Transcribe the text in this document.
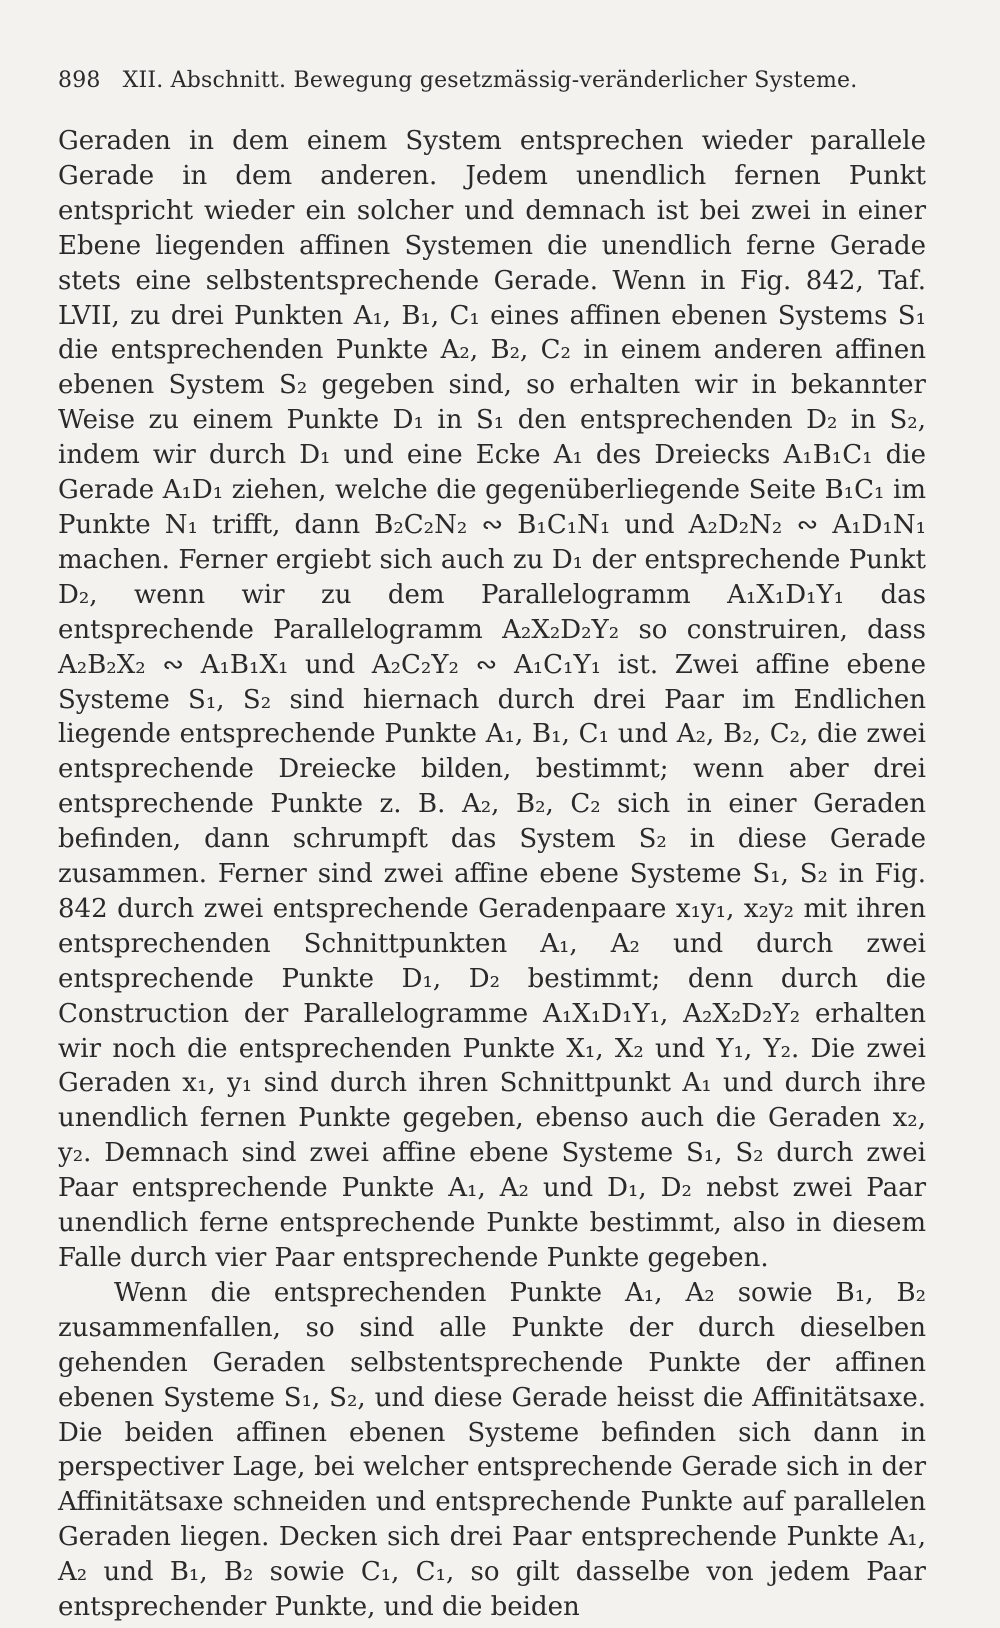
898 XII. Abschnitt. Bewegung gesetzmässig-veränderlicher Systeme.

Geraden in dem einem System entsprechen wieder parallele Gerade in dem anderen. Jedem unendlich fernen Punkt entspricht wieder ein solcher und demnach ist bei zwei in einer Ebene liegenden affinen Systemen die unendlich ferne Gerade stets eine selbstentsprechende Gerade. Wenn in Fig. 842, Taf. LVII, zu drei Punkten A₁, B₁, C₁ eines affinen ebenen Systems S₁ die entsprechenden Punkte A₂, B₂, C₂ in einem anderen affinen ebenen System S₂ gegeben sind, so erhalten wir in bekannter Weise zu einem Punkte D₁ in S₁ den entsprechenden D₂ in S₂, indem wir durch D₁ und eine Ecke A₁ des Dreiecks A₁B₁C₁ die Gerade A₁D₁ ziehen, welche die gegenüberliegende Seite B₁C₁ im Punkte N₁ trifft, dann B₂C₂N₂ ∾ B₁C₁N₁ und A₂D₂N₂ ∾ A₁D₁N₁ machen. Ferner ergiebt sich auch zu D₁ der entsprechende Punkt D₂, wenn wir zu dem Parallelogramm A₁X₁D₁Y₁ das entsprechende Parallelogramm A₂X₂D₂Y₂ so construiren, dass A₂B₂X₂ ∾ A₁B₁X₁ und A₂C₂Y₂ ∾ A₁C₁Y₁ ist. Zwei affine ebene Systeme S₁, S₂ sind hiernach durch drei Paar im Endlichen liegende entsprechende Punkte A₁, B₁, C₁ und A₂, B₂, C₂, die zwei entsprechende Dreiecke bilden, bestimmt; wenn aber drei entsprechende Punkte z. B. A₂, B₂, C₂ sich in einer Geraden befinden, dann schrumpft das System S₂ in diese Gerade zusammen. Ferner sind zwei affine ebene Systeme S₁, S₂ in Fig. 842 durch zwei entsprechende Geradenpaare x₁y₁, x₂y₂ mit ihren entsprechenden Schnittpunkten A₁, A₂ und durch zwei entsprechende Punkte D₁, D₂ bestimmt; denn durch die Construction der Parallelogramme A₁X₁D₁Y₁, A₂X₂D₂Y₂ erhalten wir noch die entsprechenden Punkte X₁, X₂ und Y₁, Y₂. Die zwei Geraden x₁, y₁ sind durch ihren Schnittpunkt A₁ und durch ihre unendlich fernen Punkte gegeben, ebenso auch die Geraden x₂, y₂. Demnach sind zwei affine ebene Systeme S₁, S₂ durch zwei Paar entsprechende Punkte A₁, A₂ und D₁, D₂ nebst zwei Paar unendlich ferne entsprechende Punkte bestimmt, also in diesem Falle durch vier Paar entsprechende Punkte gegeben.

Wenn die entsprechenden Punkte A₁, A₂ sowie B₁, B₂ zusammenfallen, so sind alle Punkte der durch dieselben gehenden Geraden selbstentsprechende Punkte der affinen ebenen Systeme S₁, S₂, und diese Gerade heisst die Affinitätsaxe. Die beiden affinen ebenen Systeme befinden sich dann in perspectiver Lage, bei welcher entsprechende Gerade sich in der Affinitätsaxe schneiden und entsprechende Punkte auf parallelen Geraden liegen. Decken sich drei Paar entsprechende Punkte A₁, A₂ und B₁, B₂ sowie C₁, C₁, so gilt dasselbe von jedem Paar entsprechender Punkte, und die beiden
